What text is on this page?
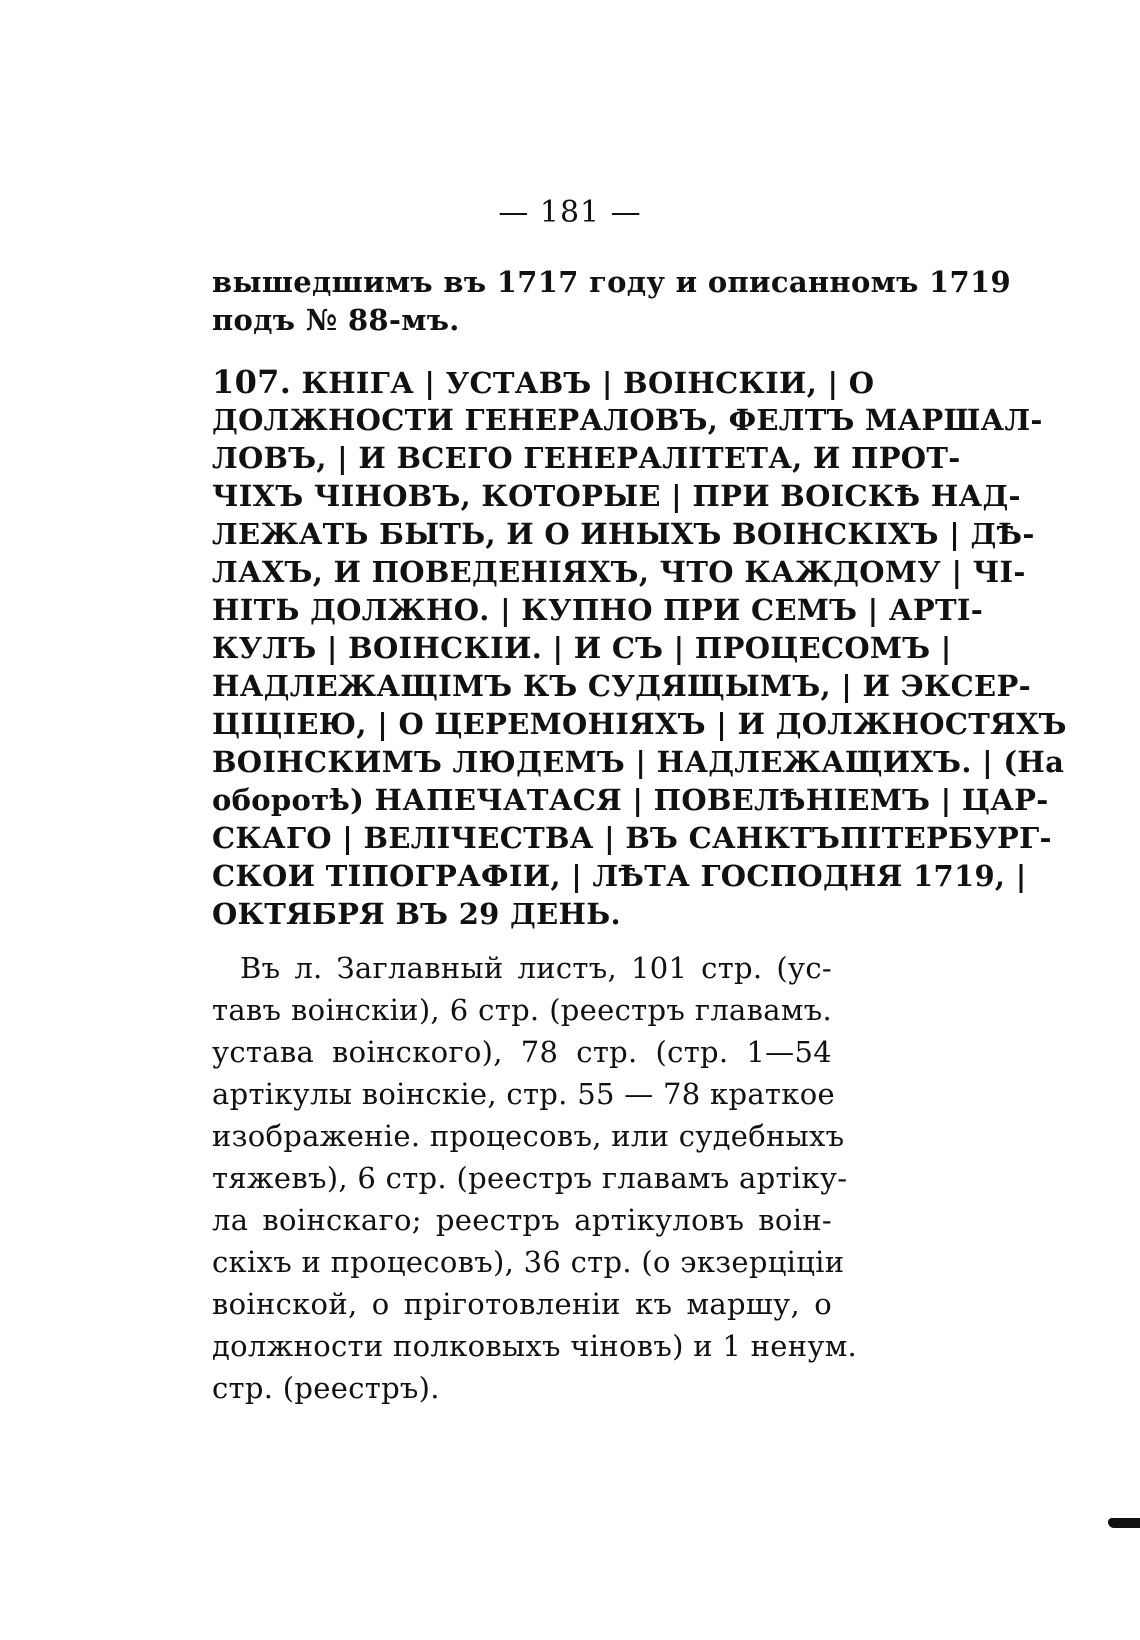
— 181 —
вышедшимъ въ 1717 году и описанномъ 1719
подъ № 88-мъ.
107. КНІГА | УСТАВЪ | ВОІНСКІИ, | О
ДОЛЖНОСТИ ГЕНЕРАЛОВЪ, ФЕЛТЪ МАРШАЛ-
ЛОВЪ, | И ВСЕГО ГЕНЕРАЛІТЕТА, И ПРОТ-
ЧІХЪ ЧІНОВЪ, КОТОРЫЕ | ПРИ ВОІСКѢ НАД-
ЛЕЖАТЬ БЫТЬ, И О ИНЫХЪ ВОІНСКІХЪ | ДѢ-
ЛАХЪ, И ПОВЕДЕНІЯХЪ, ЧТО КАЖДОМУ | ЧІ-
НІТЬ ДОЛЖНО. | КУПНО ПРИ СЕМЪ | АРТІ-
КУЛЪ | ВОІНСКІИ. | И СЪ | ПРОЦЕСОМЪ |
НАДЛЕЖАЩІМЪ КЪ СУДЯЩЫМЪ, | И ЭКСЕР-
ЦІЦІЕЮ, | О ЦЕРЕМОНІЯХЪ | И ДОЛЖНОСТЯХЪ
ВОІНСКИМЪ ЛЮДЕМЪ | НАДЛЕЖАЩИХЪ. | (На
оборотѣ) НАПЕЧАТАСЯ | ПОВЕЛѢНІЕМЪ | ЦАР-
СКАГО | ВЕЛІЧЕСТВА | ВЪ САНКТЪПІТЕРБУРГ-
СКОИ ТІПОГРАФІИ, | ЛѢТА ГОСПОДНЯ 1719, |
ОКТЯБРЯ ВЪ 29 ДЕНЬ.
Въ л. Заглавный листъ, 101 стр. (ус-
тавъ воінскіи), 6 стр. (реестръ главамъ.
устава воінского), 78 стр. (стр. 1—54
артікулы воінскіе, стр. 55 — 78 краткое
изображеніе. процесовъ, или судебныхъ
тяжевъ), 6 стр. (реестръ главамъ артіку-
ла воінскаго; реестръ артікуловъ воін-
скіхъ и процесовъ), 36 стр. (о экзерціціи
воінской, о пріготовленіи къ маршу, о
должности полковыхъ чіновъ) и 1 ненум.
стр. (реестръ).
